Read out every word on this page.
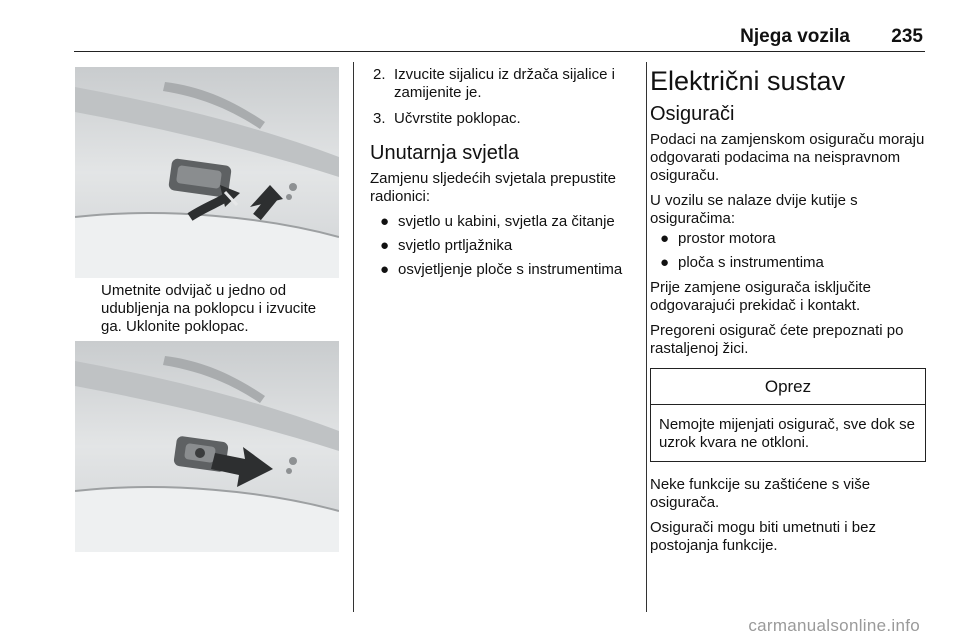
Njega vozila 235
Umetnite odvijač u jedno od udubljenja na poklopcu i izvucite ga. Uklonite poklopac.
2. Izvucite sijalicu iz držača sijalice i zamijenite je.
3. Učvrstite poklopac.
Unutarnja svjetla

Zamjenu sljedećih svjetala prepustite radionici:

● svjetlo u kabini, svjetla za čitanje
● svjetlo prtljažnika
● osvjetljenje ploče s instrumentima
Električni sustav
Osigurači

Podaci na zamjenskom osiguraču moraju odgovarati podacima na neispravnom osiguraču.

U vozilu se nalaze dvije kutije s osiguračima:

● prostor motora
● ploča s instrumentima

Prije zamjene osigurača isključite odgovarajući prekidač i kontakt.

Pregoreni osigurač ćete prepoznati po rastaljenoj žici.

Oprez
Nemojte mijenjati osigurač, sve dok se uzrok kvara ne otkloni.

Neke funkcije su zaštićene s više osigurača.

Osigurači mogu biti umetnuti i bez postojanja funkcije.

carmanualsonline.info
